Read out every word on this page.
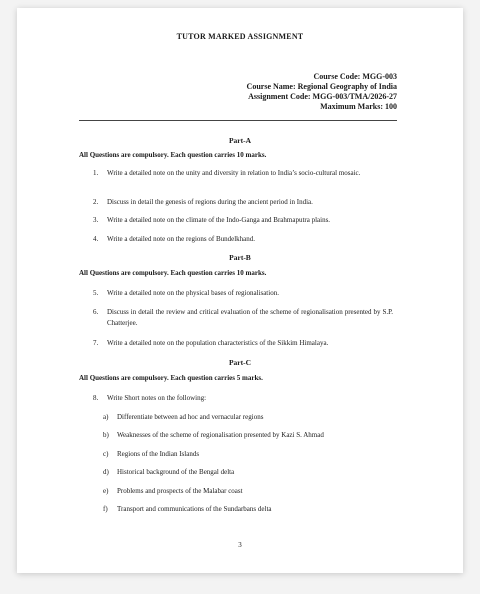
TUTOR MARKED ASSIGNMENT
Course Code: MGG-003
Course Name: Regional Geography of India
Assignment Code: MGG-003/TMA/2026-27
Maximum Marks: 100
Part-A
All Questions are compulsory. Each question carries 10 marks.
1. Write a detailed note on the unity and diversity in relation to India’s socio-cultural mosaic.
2. Discuss in detail the genesis of regions during the ancient period in India.
3. Write a detailed note on the climate of the Indo-Ganga and Brahmaputra plains.
4. Write a detailed note on the regions of Bundelkhand.
Part-B
All Questions are compulsory. Each question carries 10 marks.
5. Write a detailed note on the physical bases of regionalisation.
6. Discuss in detail the review and critical evaluation of the scheme of regionalisation presented by S.P. Chatterjee.
7. Write a detailed note on the population characteristics of the Sikkim Himalaya.
Part-C
All Questions are compulsory. Each question carries 5 marks.
8. Write Short notes on the following:
a) Differentiate between ad hoc and vernacular regions
b) Weaknesses of the scheme of regionalisation presented by Kazi S. Ahmad
c) Regions of the Indian Islands
d) Historical background of the Bengal delta
e) Problems and prospects of the Malabar coast
f) Transport and communications of the Sundarbans delta
3
